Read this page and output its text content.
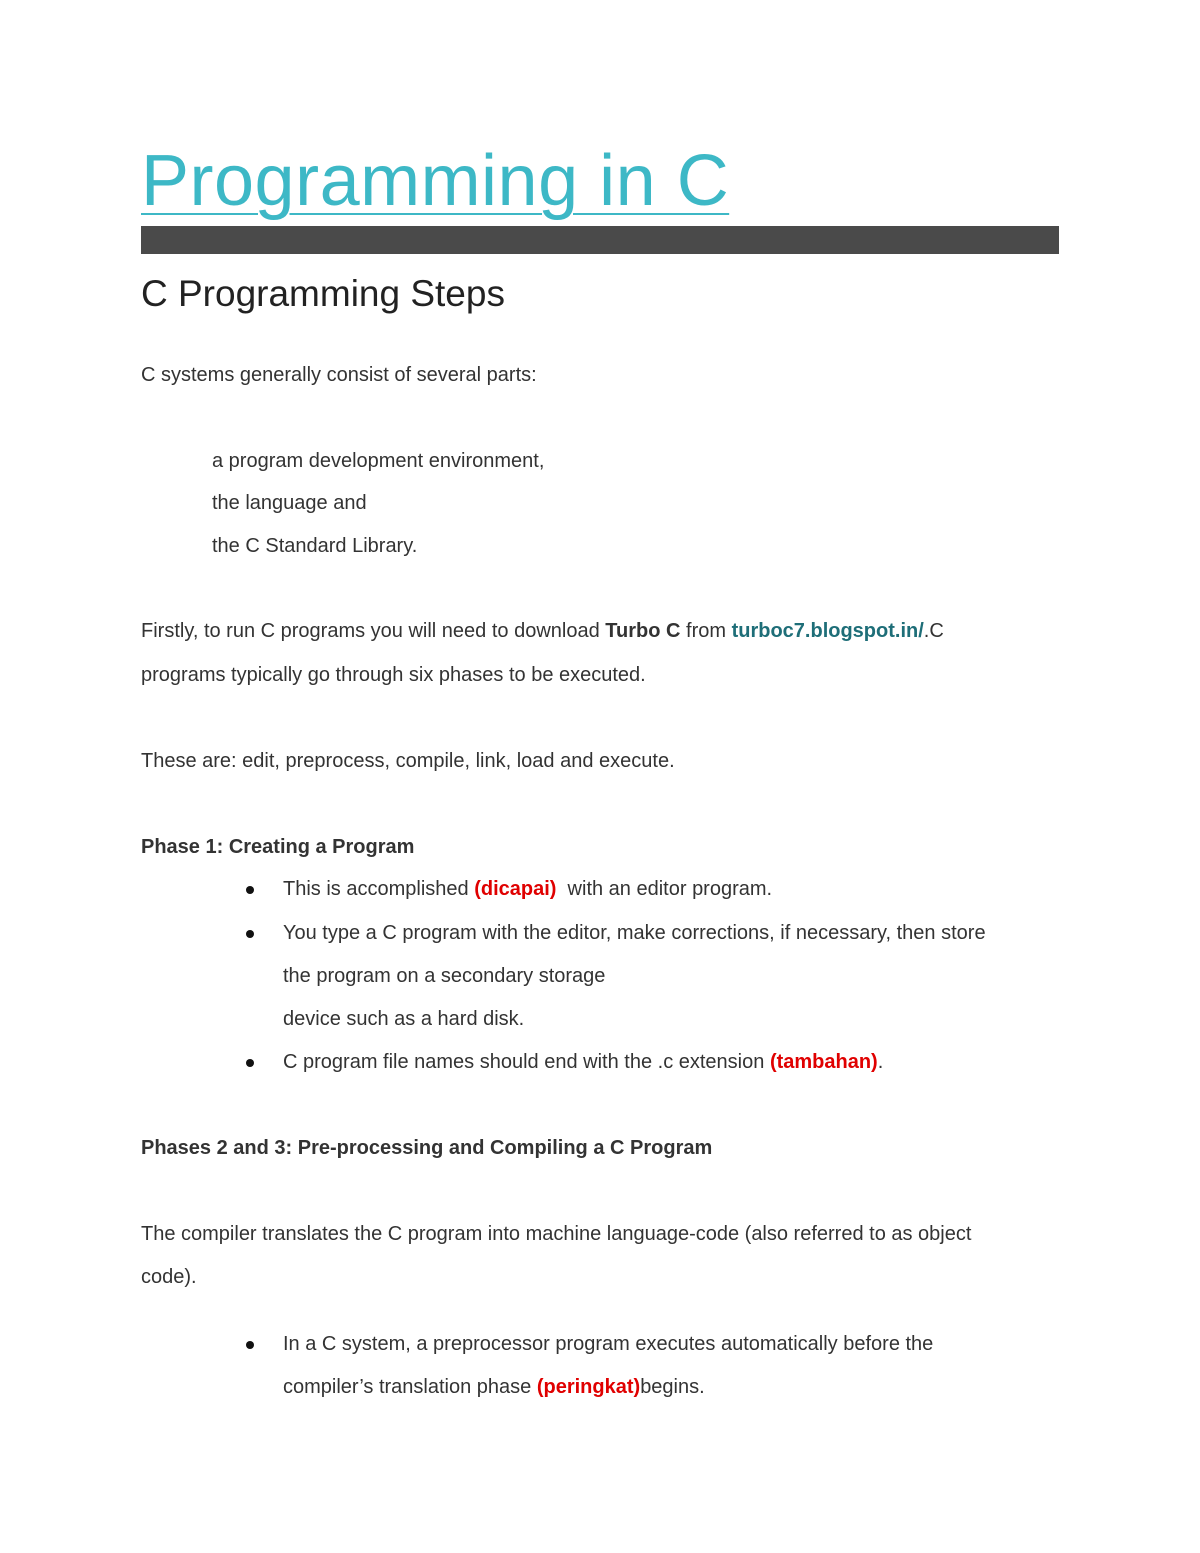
Programming in C
C Programming Steps
C systems generally consist of several parts:
a program development environment,
the language and
the C Standard Library.
Firstly, to run C programs you will need to download Turbo C from turboc7.blogspot.in/.C
programs typically go through six phases to be executed.
These are: edit, preprocess, compile, link, load and execute.
Phase 1: Creating a Program
This is accomplished (dicapai)  with an editor program.
You type a C program with the editor, make corrections, if necessary, then store
the program on a secondary storage
device such as a hard disk.
C program file names should end with the .c extension (tambahan).
Phases 2 and 3: Pre-processing and Compiling a C Program
The compiler translates the C program into machine language-code (also referred to as object
code).
In a C system, a preprocessor program executes automatically before the
compiler’s translation phase (peringkat)begins.
